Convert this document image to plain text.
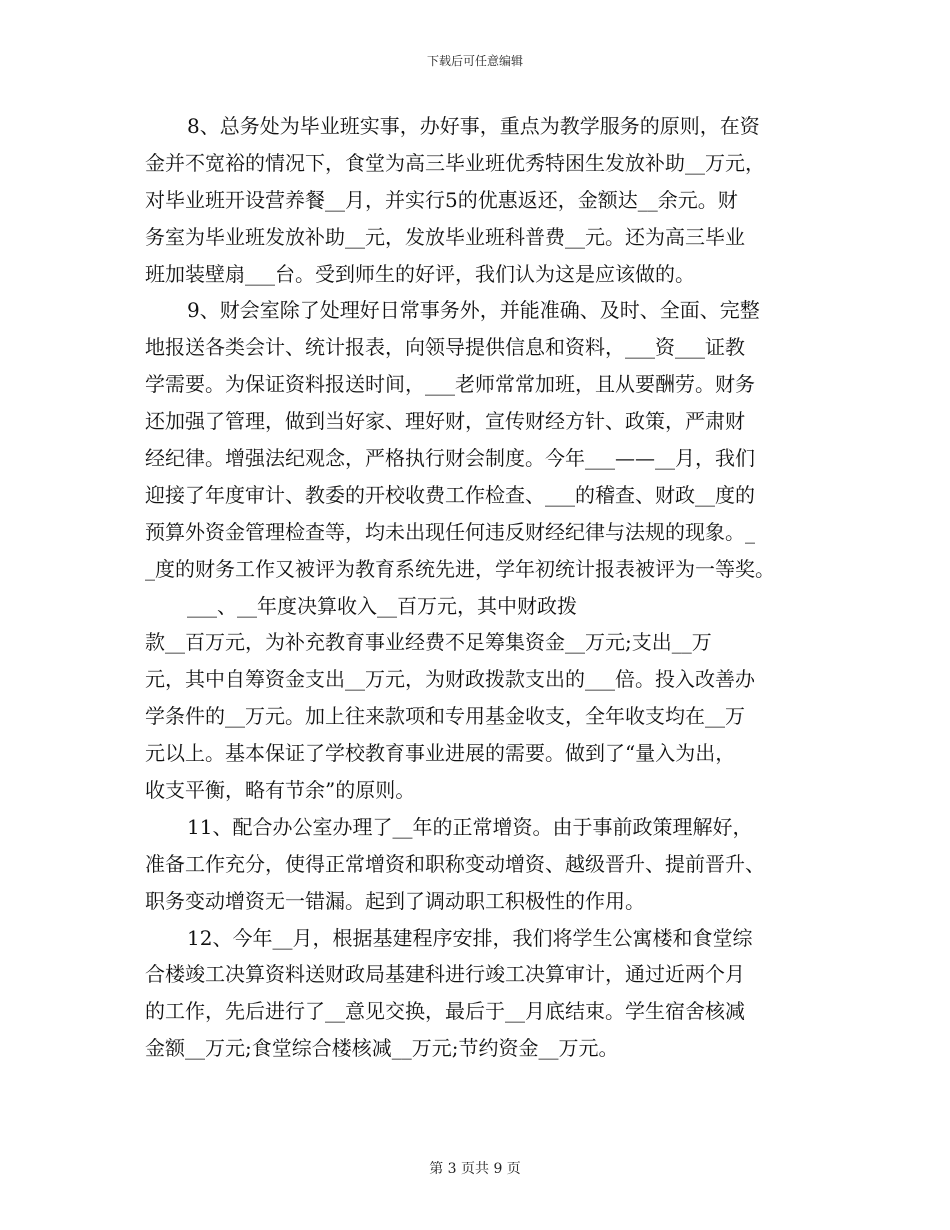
下载后可任意编辑
8、总务处为毕业班实事，办好事，重点为教学服务的原则，在资
金并不宽裕的情况下，食堂为高三毕业班优秀特困生发放补助__万元，
对毕业班开设营养餐__月，并实行5的优惠返还，金额达__余元。财
务室为毕业班发放补助__元，发放毕业班科普费__元。还为高三毕业
班加装壁扇___台。受到师生的好评，我们认为这是应该做的。
9、财会室除了处理好日常事务外，并能准确、及时、全面、完整
地报送各类会计、统计报表，向领导提供信息和资料，___资___证教
学需要。为保证资料报送时间，___老师常常加班，且从要酬劳。财务
还加强了管理，做到当好家、理好财，宣传财经方针、政策，严肃财
经纪律。增强法纪观念，严格执行财会制度。今年___——__月，我们
迎接了年度审计、教委的开校收费工作检查、___的稽查、财政__度的
预算外资金管理检查等，均未出现任何违反财经纪律与法规的现象。_
_度的财务工作又被评为教育系统先进，学年初统计报表被评为一等奖。
___、__年度决算收入__百万元，其中财政拨
款__百万元，为补充教育事业经费不足筹集资金__万元;支出__万
元，其中自筹资金支出__万元，为财政拨款支出的___倍。投入改善办
学条件的__万元。加上往来款项和专用基金收支，全年收支均在__万
元以上。基本保证了学校教育事业进展的需要。做到了“量入为出，
收支平衡，略有节余”的原则。
11、配合办公室办理了__年的正常增资。由于事前政策理解好，
准备工作充分，使得正常增资和职称变动增资、越级晋升、提前晋升、
职务变动增资无一错漏。起到了调动职工积极性的作用。
12、今年__月，根据基建程序安排，我们将学生公寓楼和食堂综
合楼竣工决算资料送财政局基建科进行竣工决算审计，通过近两个月
的工作，先后进行了__意见交换，最后于__月底结束。学生宿舍核减
金额__万元;食堂综合楼核减__万元;节约资金__万元。
第 3 页共 9 页
